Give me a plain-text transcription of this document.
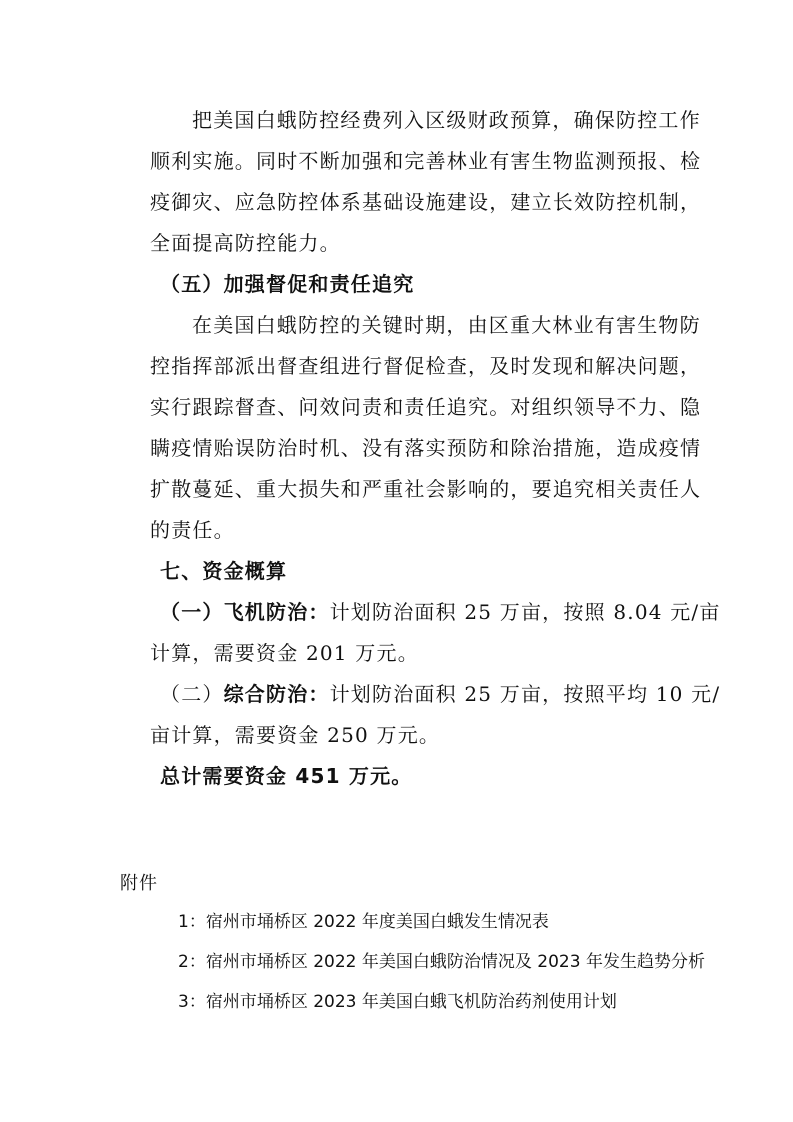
把美国白蛾防控经费列入区级财政预算，确保防控工作
顺利实施。同时不断加强和完善林业有害生物监测预报、检
疫御灾、应急防控体系基础设施建设，建立长效防控机制，
全面提高防控能力。
（五）加强督促和责任追究
在美国白蛾防控的关键时期，由区重大林业有害生物防
控指挥部派出督查组进行督促检查，及时发现和解决问题，
实行跟踪督查、问效问责和责任追究。对组织领导不力、隐
瞒疫情贻误防治时机、没有落实预防和除治措施，造成疫情
扩散蔓延、重大损失和严重社会影响的，要追究相关责任人
的责任。
七、资金概算
（一）飞机防治：计划防治面积 25 万亩，按照 8.04 元/亩
计算，需要资金 201 万元。
（二）综合防治：计划防治面积 25 万亩，按照平均 10 元/
亩计算，需要资金 250 万元。
总计需要资金 451 万元。
附件
1：宿州市埇桥区 2022 年度美国白蛾发生情况表
2：宿州市埇桥区 2022 年美国白蛾防治情况及 2023 年发生趋势分析
3：宿州市埇桥区 2023 年美国白蛾飞机防治药剂使用计划
